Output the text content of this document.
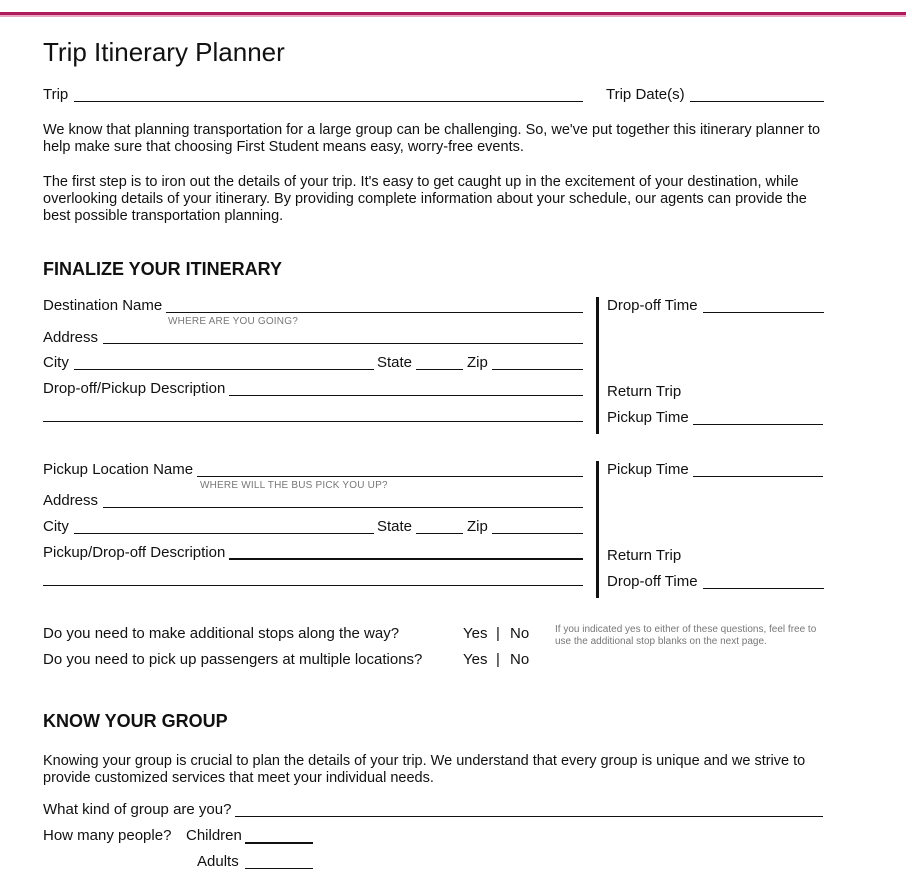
Trip Itinerary Planner
Trip	Trip Date(s)
We know that planning transportation for a large group can be challenging. So, we've put together this itinerary planner to help make sure that choosing First Student means easy, worry-free events.
The first step is to iron out the details of your trip. It's easy to get caught up in the excitement of your destination, while overlooking details of your itinerary. By providing complete information about your schedule, our agents can provide the best possible transportation planning.
FINALIZE YOUR ITINERARY
Destination Name
WHERE ARE YOU GOING?
Address
City	State	Zip
Drop-off/Pickup Description
Drop-off Time
Return Trip
Pickup Time
Pickup Location Name
WHERE WILL THE BUS PICK YOU UP?
Address
City	State	Zip
Pickup/Drop-off Description
Pickup Time
Return Trip
Drop-off Time
Do you need to make additional stops along the way?	Yes | No
Do you need to pick up passengers at multiple locations?	Yes | No
If you indicated yes to either of these questions, feel free to use the additional stop blanks on the next page.
KNOW YOUR GROUP
Knowing your group is crucial to plan the details of your trip. We understand that every group is unique and we strive to provide customized services that meet your individual needs.
What kind of group are you?
How many people? Children
Adults
